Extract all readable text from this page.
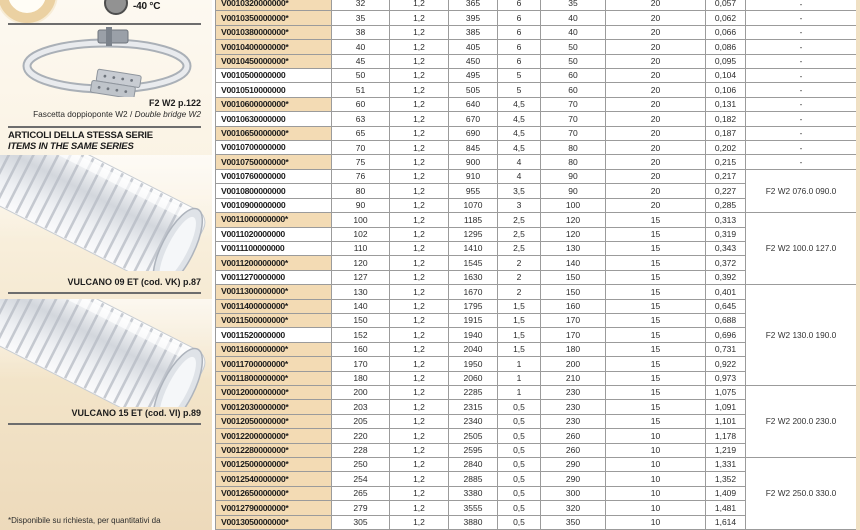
-40 °C
F2 W2 p.122
Fascetta doppioponte W2 / Double bridge W2
ARTICOLI DELLA STESSA SERIE
ITEMS IN THE SAME SERIES
VULCANO 09 ET (cod. VK) p.87
VULCANO 15 ET (cod. VI) p.89
*Disponibile su richiesta, per quantitativi da
V0010320000000*	32	1,2	365	6	35	20	0,057	-
V0010350000000*	35	1,2	395	6	40	20	0,062	-
V0010380000000*	38	1,2	385	6	40	20	0,066	-
V0010400000000*	40	1,2	405	6	50	20	0,086	-
V0010450000000*	45	1,2	450	6	50	20	0,095	-
V0010500000000	50	1,2	495	5	60	20	0,104	-
V0010510000000	51	1,2	505	5	60	20	0,106	-
V0010600000000*	60	1,2	640	4,5	70	20	0,131	-
V0010630000000	63	1,2	670	4,5	70	20	0,182	-
V0010650000000*	65	1,2	690	4,5	70	20	0,187	-
V0010700000000	70	1,2	845	4,5	80	20	0,202	-
V0010750000000*	75	1,2	900	4	80	20	0,215	-
V0010760000000	76	1,2	910	4	90	20	0,217	F2 W2 076.0 090.0
V0010800000000	80	1,2	955	3,5	90	20	0,227	
V0010900000000	90	1,2	1070	3	100	20	0,285	
V0011000000000*	100	1,2	1185	2,5	120	15	0,313	F2 W2 100.0 127.0
V0011020000000	102	1,2	1295	2,5	120	15	0,319	
V0011100000000	110	1,2	1410	2,5	130	15	0,343	
V0011200000000*	120	1,2	1545	2	140	15	0,372	
V0011270000000	127	1,2	1630	2	150	15	0,392	
V0011300000000*	130	1,2	1670	2	150	15	0,401	F2 W2 130.0 190.0
V0011400000000*	140	1,2	1795	1,5	160	15	0,645	
V0011500000000*	150	1,2	1915	1,5	170	15	0,688	
V0011520000000	152	1,2	1940	1,5	170	15	0,696	
V0011600000000*	160	1,2	2040	1,5	180	15	0,731	
V0011700000000*	170	1,2	1950	1	200	15	0,922	
V0011800000000*	180	1,2	2060	1	210	15	0,973	
V0012000000000*	200	1,2	2285	1	230	15	1,075	F2 W2 200.0 230.0
V0012030000000*	203	1,2	2315	0,5	230	15	1,091	
V0012050000000*	205	1,2	2340	0,5	230	15	1,101	
V0012200000000*	220	1,2	2505	0,5	260	10	1,178	
V0012280000000*	228	1,2	2595	0,5	260	10	1,219	
V0012500000000*	250	1,2	2840	0,5	290	10	1,331	F2 W2 250.0 330.0
V0012540000000*	254	1,2	2885	0,5	290	10	1,352	
V0012650000000*	265	1,2	3380	0,5	300	10	1,409	
V0012790000000*	279	1,2	3555	0,5	320	10	1,481	
V0013050000000*	305	1,2	3880	0,5	350	10	1,614	
